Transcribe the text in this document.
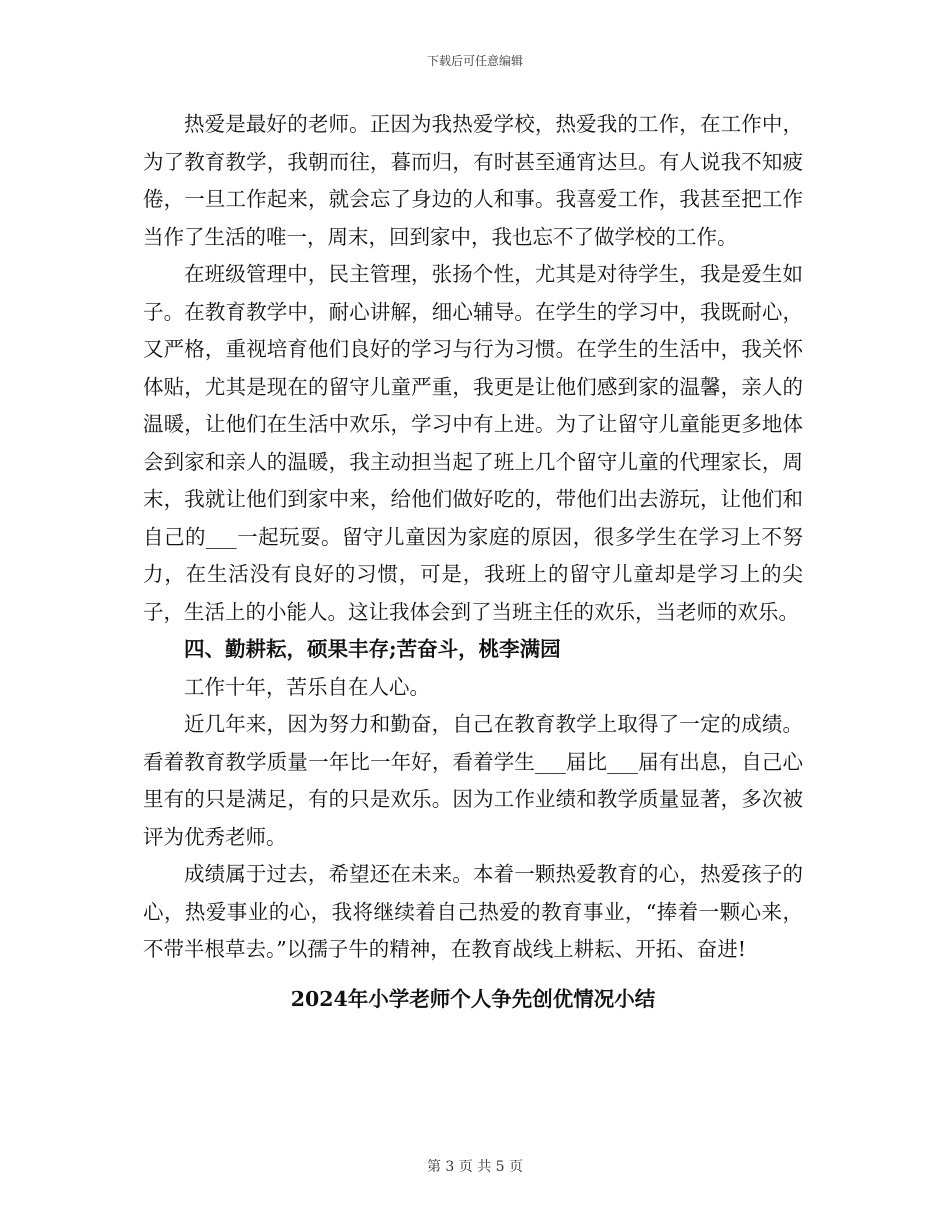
下载后可任意编辑

热爱是最好的老师。正因为我热爱学校，热爱我的工作，在工作中，为了教育教学，我朝而往，暮而归，有时甚至通宵达旦。有人说我不知疲倦，一旦工作起来，就会忘了身边的人和事。我喜爱工作，我甚至把工作当作了生活的唯一，周末，回到家中，我也忘不了做学校的工作。

在班级管理中，民主管理，张扬个性，尤其是对待学生，我是爱生如子。在教育教学中，耐心讲解，细心辅导。在学生的学习中，我既耐心，又严格，重视培育他们良好的学习与行为习惯。在学生的生活中，我关怀体贴，尤其是现在的留守儿童严重，我更是让他们感到家的温馨，亲人的温暖，让他们在生活中欢乐，学习中有上进。为了让留守儿童能更多地体会到家和亲人的温暖，我主动担当起了班上几个留守儿童的代理家长，周末，我就让他们到家中来，给他们做好吃的，带他们出去游玩，让他们和自己的___一起玩耍。留守儿童因为家庭的原因，很多学生在学习上不努力，在生活没有良好的习惯，可是，我班上的留守儿童却是学习上的尖子，生活上的小能人。这让我体会到了当班主任的欢乐，当老师的欢乐。

四、勤耕耘，硕果丰存;苦奋斗，桃李满园

工作十年，苦乐自在人心。

近几年来，因为努力和勤奋，自己在教育教学上取得了一定的成绩。看着教育教学质量一年比一年好，看着学生___届比___届有出息，自己心里有的只是满足，有的只是欢乐。因为工作业绩和教学质量显著，多次被评为优秀老师。

成绩属于过去，希望还在未来。本着一颗热爱教育的心，热爱孩子的心，热爱事业的心，我将继续着自己热爱的教育事业，“捧着一颗心来，不带半根草去。”以孺子牛的精神，在教育战线上耕耘、开拓、奋进!

2024年小学老师个人争先创优情况小结

第 3 页 共 5 页
